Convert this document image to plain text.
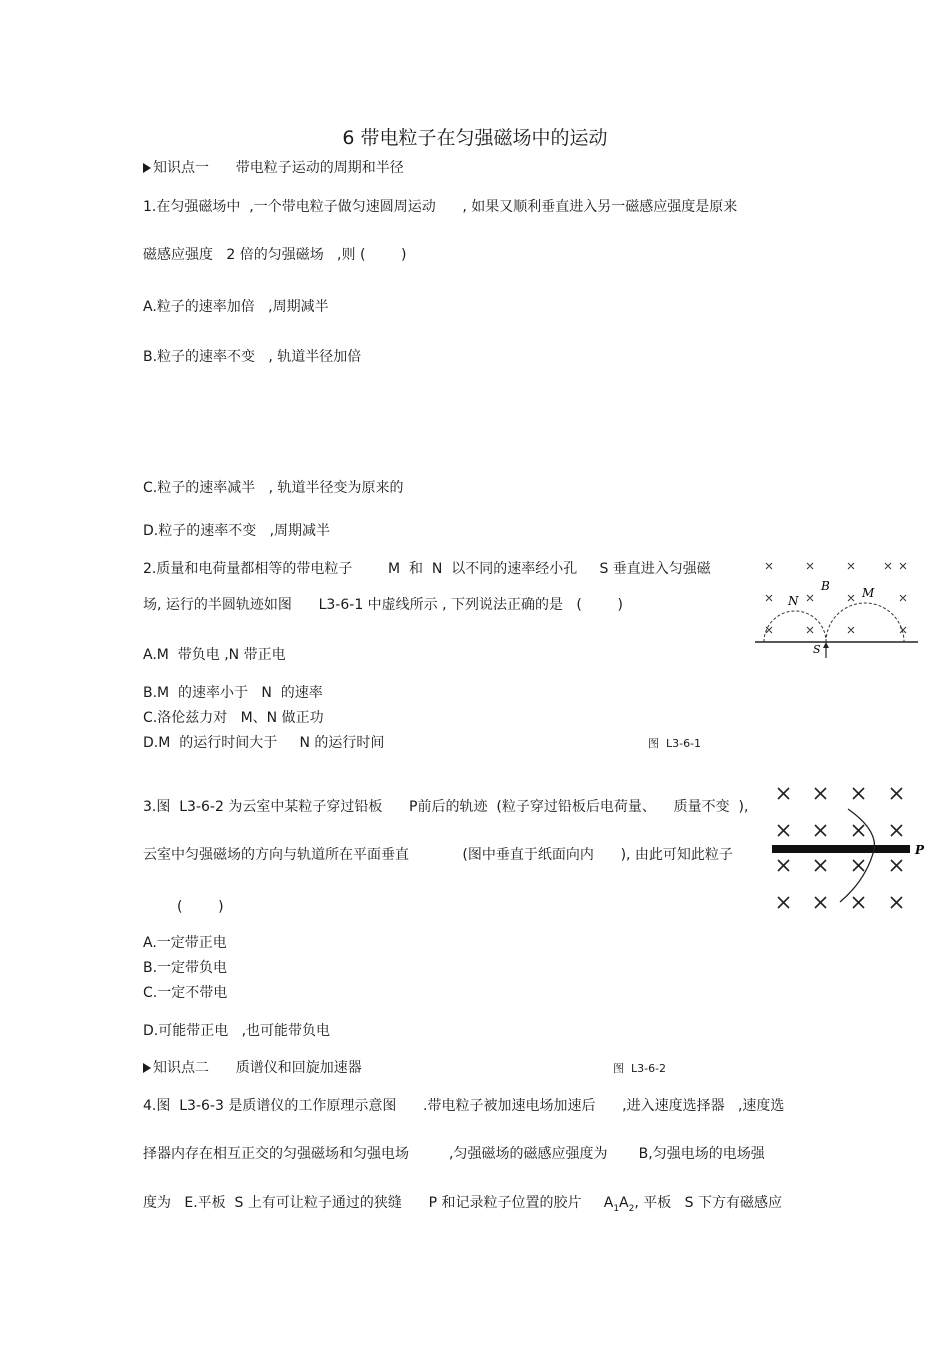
6 带电粒子在匀强磁场中的运动
知识点一      带电粒子运动的周期和半径
1.在匀强磁场中  ,一个带电粒子做匀速圆周运动      , 如果又顺利垂直进入另一磁感应强度是原来
磁感应强度   2 倍的匀强磁场   ,则 (        )
A.粒子的速率加倍   ,周期减半
B.粒子的速率不变   , 轨道半径加倍
C.粒子的速率减半   , 轨道半径变为原来的
D.粒子的速率不变   ,周期减半
2.质量和电荷量都相等的带电粒子        M  和  N  以不同的速率经小孔     S 垂直进入匀强磁
场, 运行的半圆轨迹如图      L3-6-1 中虚线所示 , 下列说法正确的是   (        )
A.M  带负电 ,N 带正电
B.M  的速率小于   N  的速率
C.洛伦兹力对   M、N 做正功
D.M  的运行时间大于     N 的运行时间	图  L3-6-1
B
N
M
S
3.图  L3-6-2 为云室中某粒子穿过铅板      P前后的轨迹  (粒子穿过铅板后电荷量、    质量不变  ),
云室中匀强磁场的方向与轨道所在平面垂直            (图中垂直于纸面向内      ), 由此可知此粒子
(        )
A.一定带正电
B.一定带负电
C.一定不带电
D.可能带正电   ,也可能带负电
P
知识点二      质谱仪和回旋加速器	图  L3-6-2
4.图  L3-6-3 是质谱仪的工作原理示意图      .带电粒子被加速电场加速后      ,进入速度选择器   ,速度选
择器内存在相互正交的匀强磁场和匀强电场         ,匀强磁场的磁感应强度为       B,匀强电场的电场强
度为   E.平板  S 上有可让粒子通过的狭缝      P 和记录粒子位置的胶片     $A_1A_2$, 平板   S 下方有磁感应
